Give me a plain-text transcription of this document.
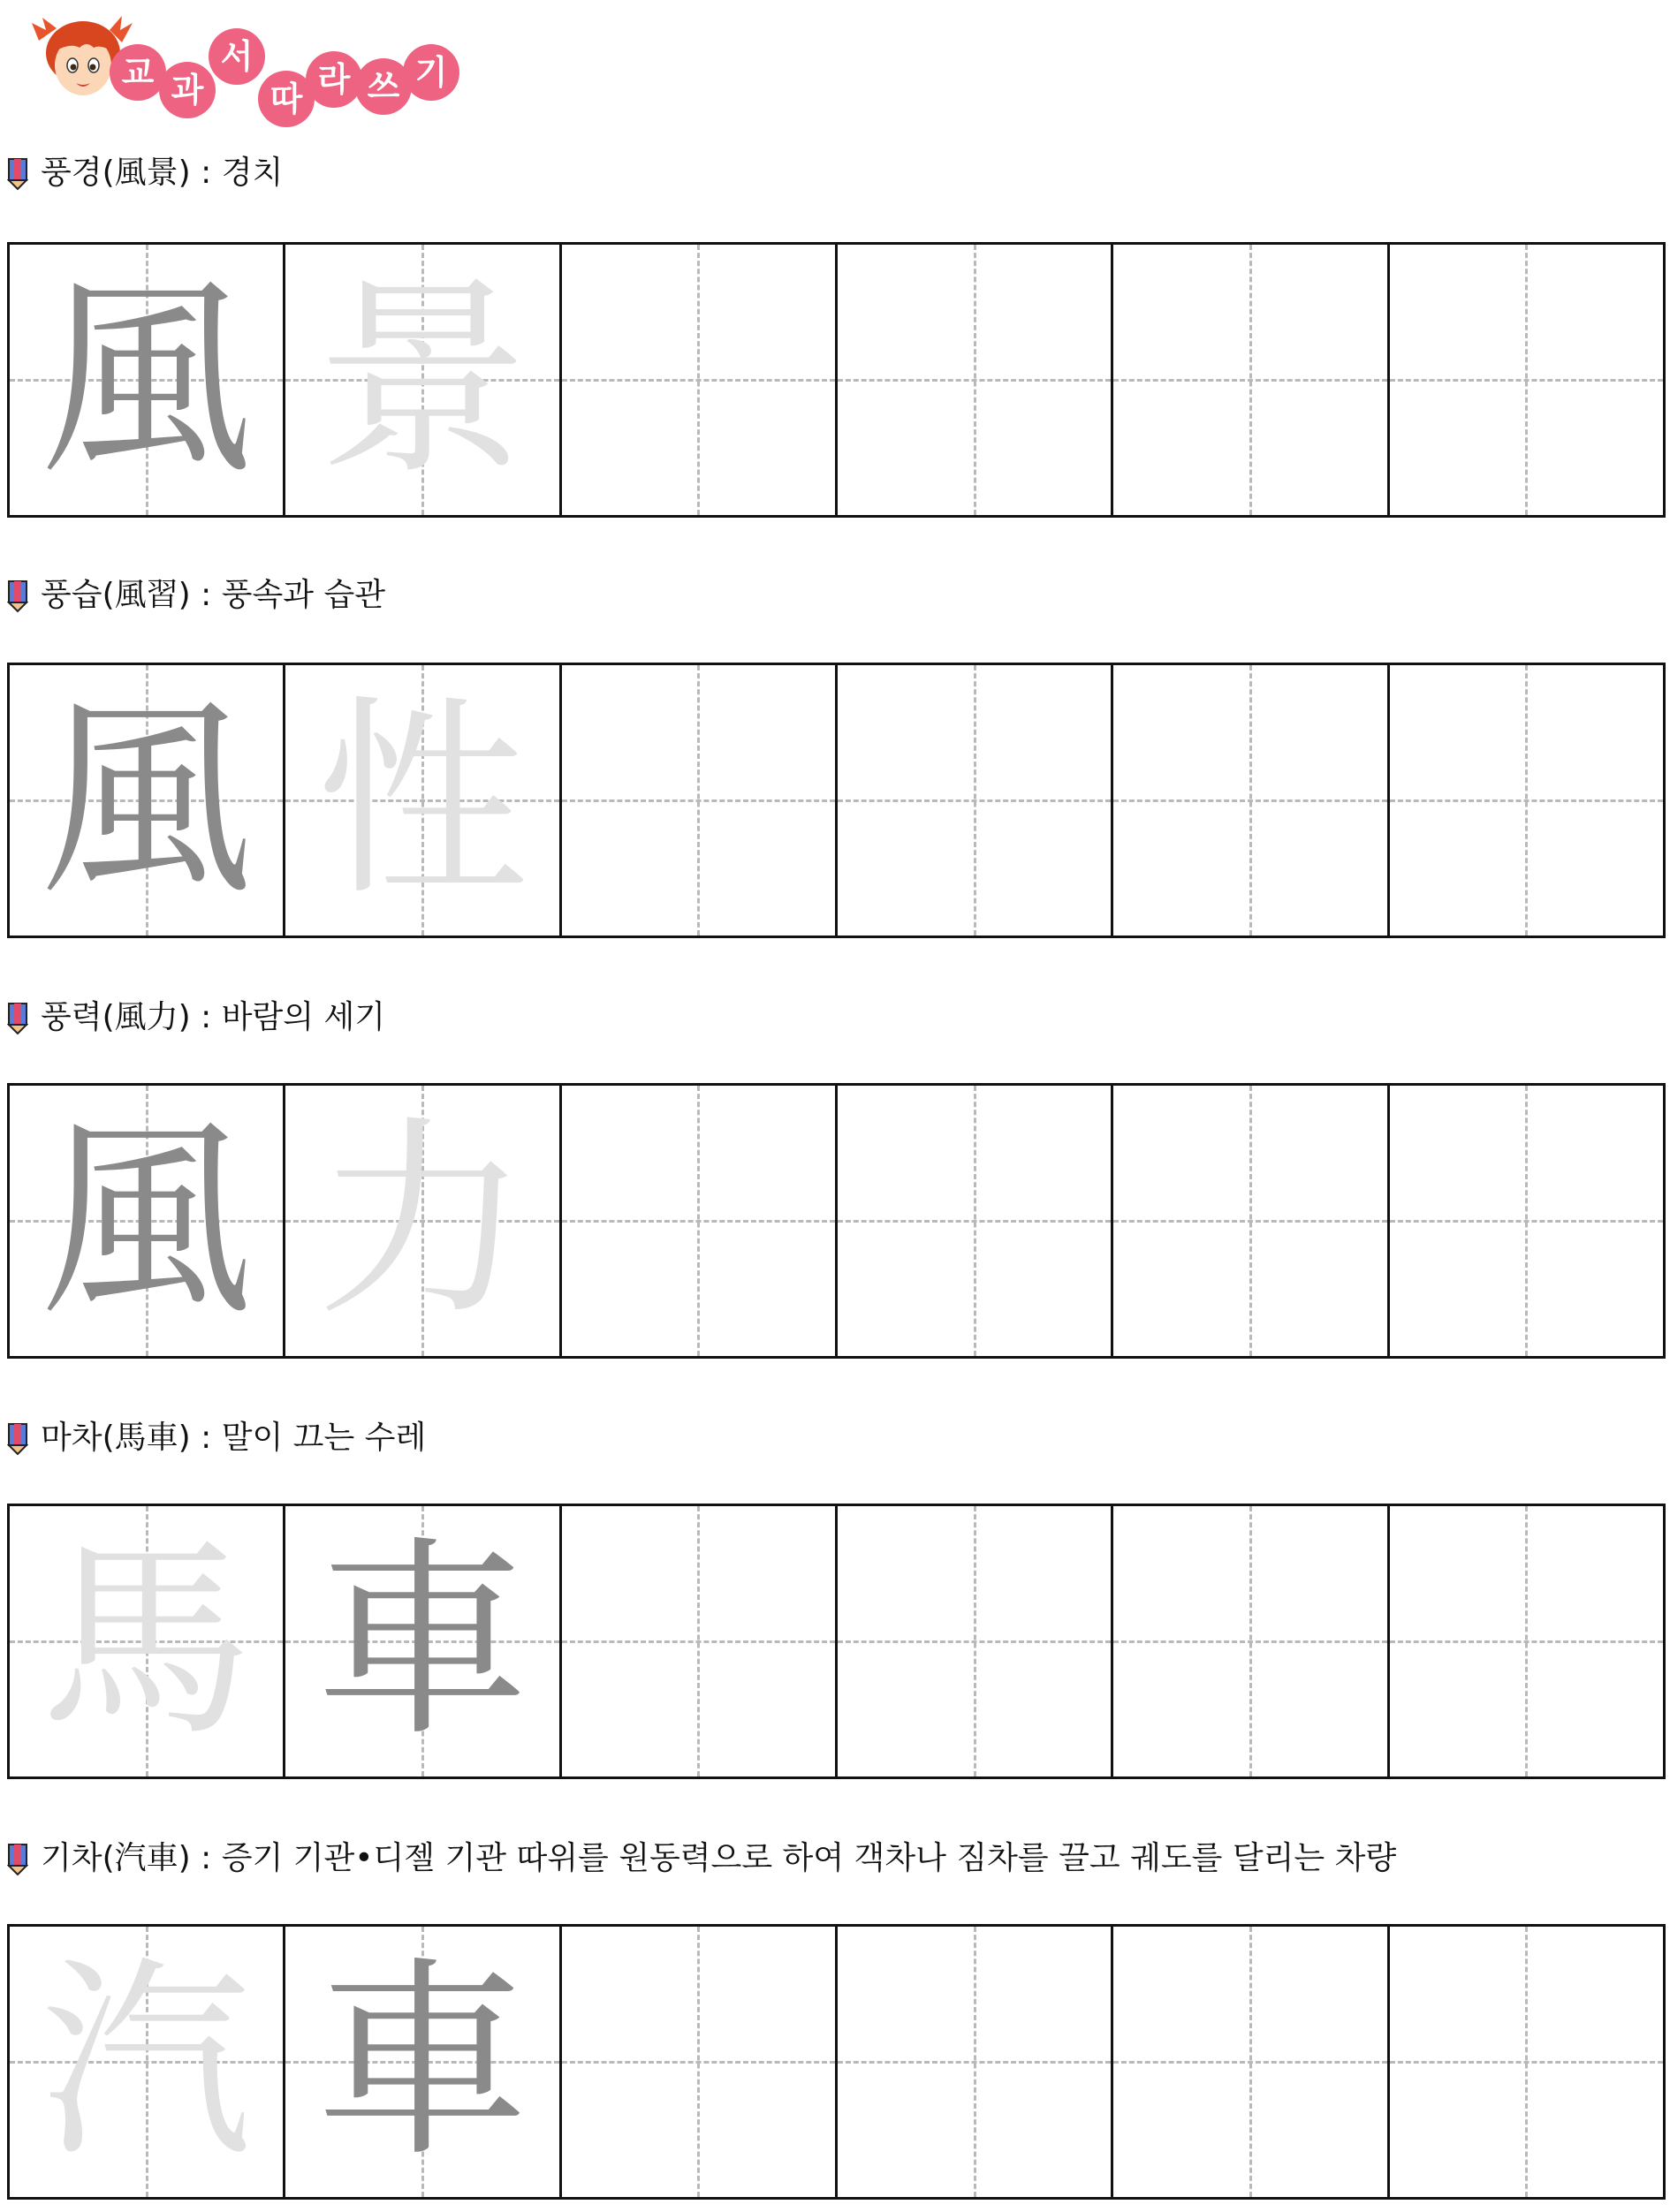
교 과
서
따 라 쓰 기
풍경(風景) : 경치
風 景
풍습(風習) : 풍속과 습관
風 性
풍력(風力) : 바람의 세기
風 力
마차(馬車) : 말이 끄는 수레
馬 車
기차(汽車) : 증기 기관•디젤 기관 따위를 원동력으로 하여 객차나 짐차를 끌고 궤도를 달리는 차량
汽 車
